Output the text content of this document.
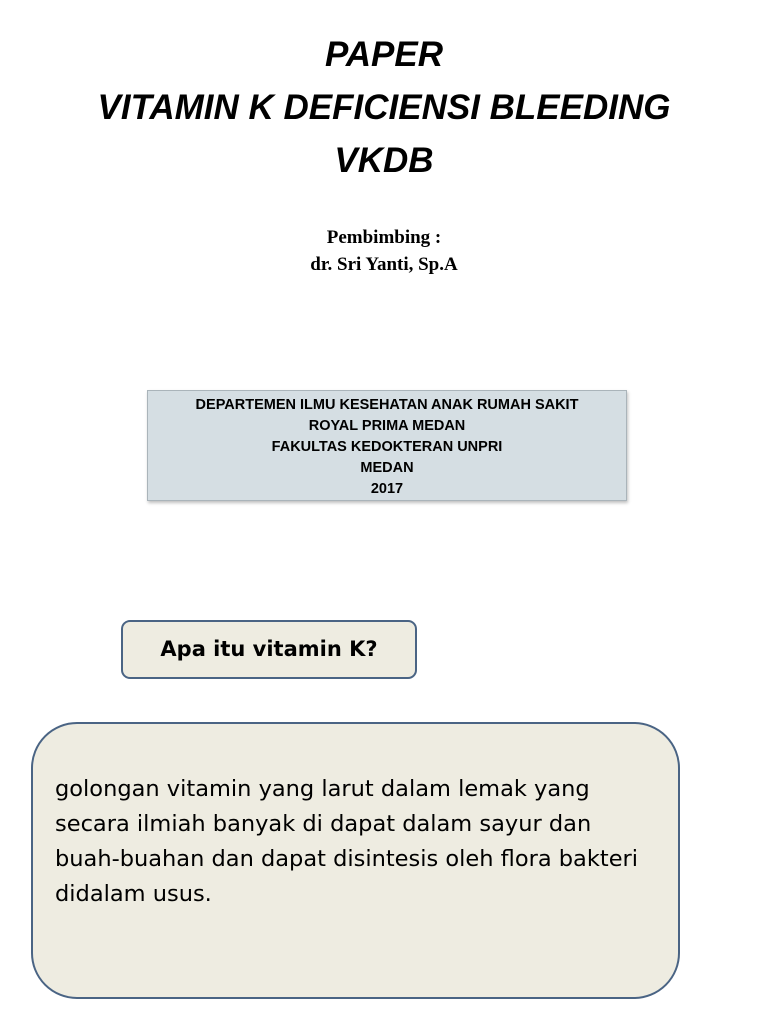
PAPER
VITAMIN K DEFICIENSI BLEEDING
VKDB
Pembimbing :
dr. Sri Yanti, Sp.A
DEPARTEMEN ILMU KESEHATAN ANAK RUMAH SAKIT
ROYAL PRIMA MEDAN
FAKULTAS KEDOKTERAN UNPRI
MEDAN
2017
Apa itu vitamin K?
golongan vitamin yang larut dalam lemak yang secara ilmiah banyak di dapat dalam sayur dan buah-buahan dan dapat disintesis oleh flora bakteri didalam usus.
